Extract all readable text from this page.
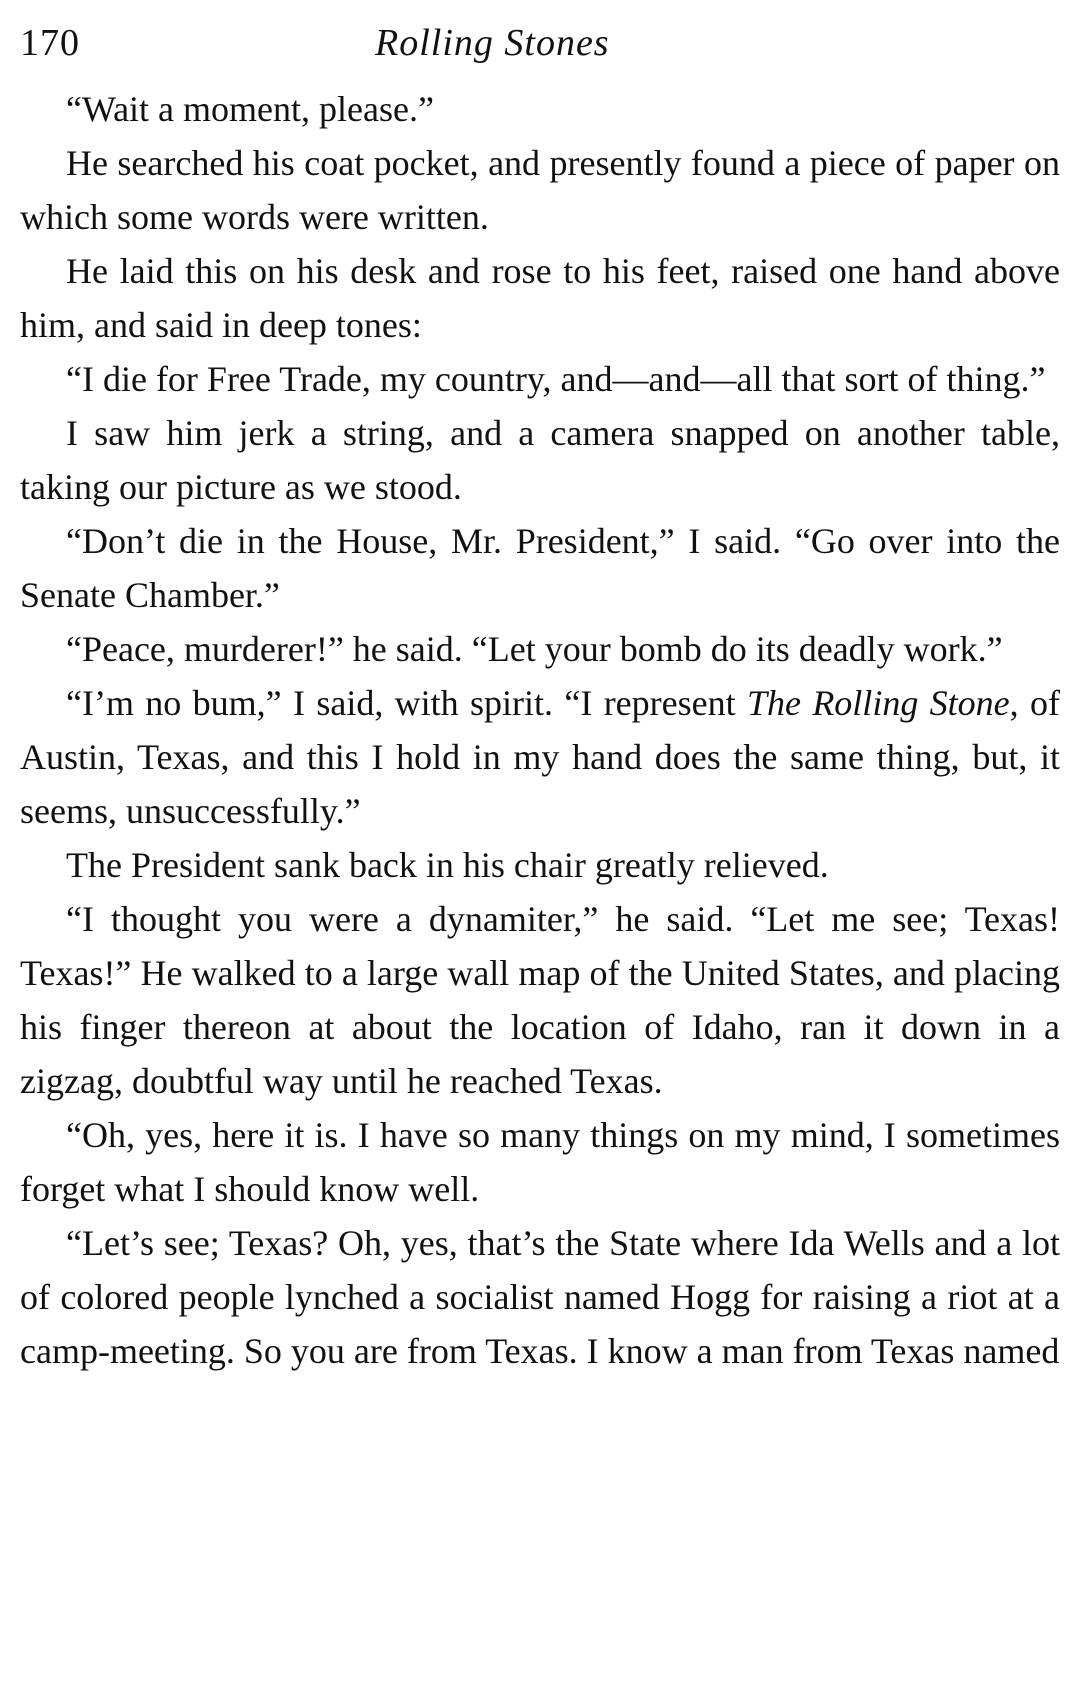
170	Rolling Stones

“Wait a moment, please.”

He searched his coat pocket, and presently found a piece of paper on which some words were written.

He laid this on his desk and rose to his feet, raised one hand above him, and said in deep tones:

“I die for Free Trade, my country, and—and—all that sort of thing.”

I saw him jerk a string, and a camera snapped on another table, taking our picture as we stood.

“Don’t die in the House, Mr. President,” I said. “Go over into the Senate Chamber.”

“Peace, murderer!” he said. “Let your bomb do its deadly work.”

“I’m no bum,” I said, with spirit. “I represent The Rolling Stone, of Austin, Texas, and this I hold in my hand does the same thing, but, it seems, unsuccessfully.”

The President sank back in his chair greatly relieved.

“I thought you were a dynamiter,” he said. “Let me see; Texas! Texas!” He walked to a large wall map of the United States, and placing his finger thereon at about the location of Idaho, ran it down in a zigzag, doubtful way until he reached Texas.

“Oh, yes, here it is. I have so many things on my mind, I sometimes forget what I should know well.

“Let’s see; Texas? Oh, yes, that’s the State where Ida Wells and a lot of colored people lynched a socialist named Hogg for raising a riot at a camp-meeting. So you are from Texas. I know a man from Texas named
